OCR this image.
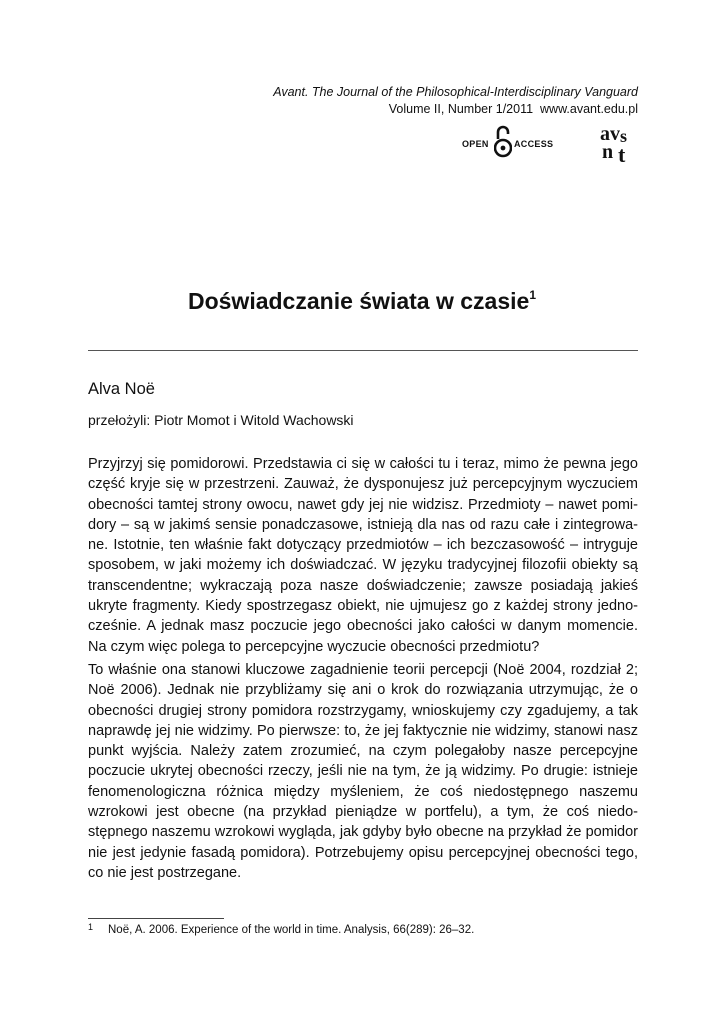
Avant. The Journal of the Philosophical-Interdisciplinary Vanguard
Volume II, Number 1/2011 www.avant.edu.pl
OPEN	ACCESS av s
n t
Doświadczanie świata w czasie$^1$
Alva Noë
przełożyli: Piotr Momot i Witold Wachowski

Przyjrzyj się pomidorowi. Przedstawia ci się w całości tu i teraz, mimo że pewna jego część kryje się w przestrzeni. Zauważ, że dysponujesz już percepcyjnym wyczuciem obecności tamtej strony owocu, nawet gdy jej nie widzisz. Przedmioty – nawet pomidory – są w jakimś sensie ponadczasowe, istnieją dla nas od razu całe i zintegrowane. Istotnie, ten właśnie fakt dotyczący przedmiotów – ich bezczasowość – intryguje sposobem, w jaki możemy ich doświadczać. W języku tradycyjnej filozofii obiekty są transcendentne; wykraczają poza nasze doświadczenie; zawsze posiadają jakieś ukryte fragmenty. Kiedy spostrzegasz obiekt, nie ujmujesz go z każdej strony jednocześnie. A jednak masz poczucie jego obecności jako całości w danym momencie. Na czym więc polega to percepcyjne wyczucie obecności przedmiotu?

To właśnie ona stanowi kluczowe zagadnienie teorii percepcji (Noë 2004, rozdział 2; Noë 2006). Jednak nie przybliżamy się ani o krok do rozwiązania utrzymując, że o obecności drugiej strony pomidora rozstrzygamy, wnioskujemy czy zgadujemy, a tak naprawdę jej nie widzimy. Po pierwsze: to, że jej faktycznie nie widzimy, stanowi nasz punkt wyjścia. Należy zatem zrozumieć, na czym polegałoby nasze percepcyjne poczucie ukrytej obecności rzeczy, jeśli nie na tym, że ją widzimy. Po drugie: istnieje fenomenologiczna różnica między myśleniem, że coś niedostępnego naszemu wzrokowi jest obecne (na przykład pieniądze w portfelu), a tym, że coś niedostępnego naszemu wzrokowi wygląda, jak gdyby było obecne na przykład że pomidor nie jest jedynie fasadą pomidora). Potrzebujemy opisu percepcyjnej obecności tego, co nie jest postrzegane.

1 Noë, A. 2006. Experience of the world in time. Analysis, 66(289): 26–32.
